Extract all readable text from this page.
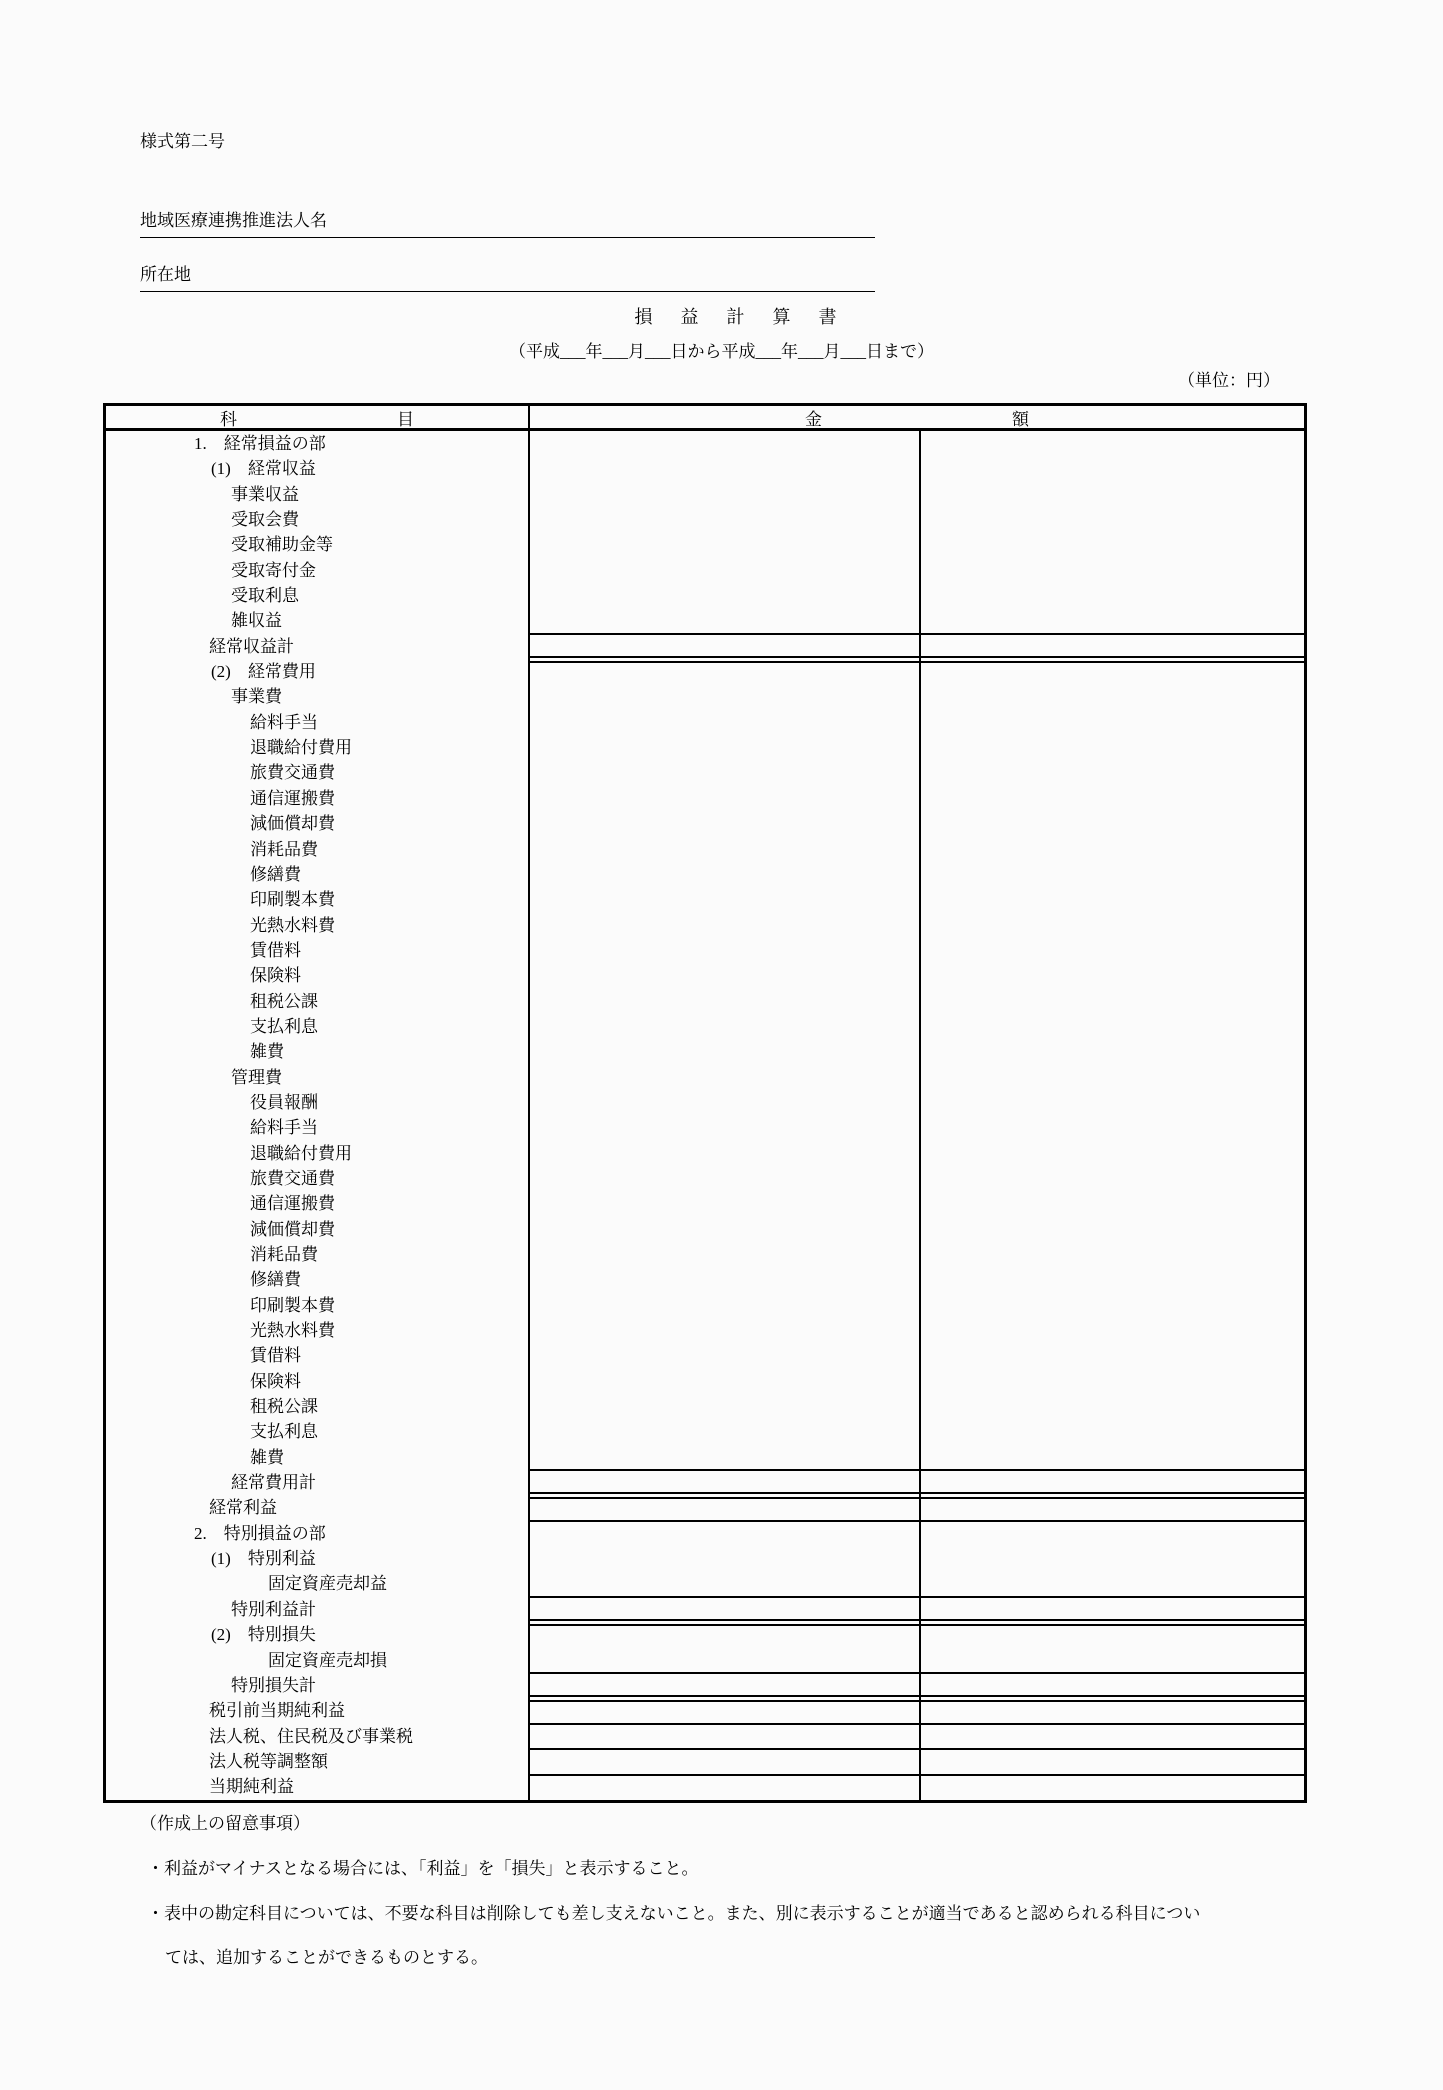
様式第二号
地域医療連携推進法人名
所在地
損益計算書
（平成___年___月___日から平成___年___月___日まで）
（単位：円）
科	目	金	額
1.　経常損益の部
(1)　経常収益
事業収益
受取会費
受取補助金等
受取寄付金
受取利息
雑収益
経常収益計
(2)　経常費用
事業費
給料手当
退職給付費用
旅費交通費
通信運搬費
減価償却費
消耗品費
修繕費
印刷製本費
光熱水料費
賃借料
保険料
租税公課
支払利息
雑費
管理費
役員報酬
給料手当
退職給付費用
旅費交通費
通信運搬費
減価償却費
消耗品費
修繕費
印刷製本費
光熱水料費
賃借料
保険料
租税公課
支払利息
雑費
経常費用計
経常利益
2.　特別損益の部
(1)　特別利益
固定資産売却益
特別利益計
(2)　特別損失
固定資産売却損
特別損失計
税引前当期純利益
法人税、住民税及び事業税
法人税等調整額
当期純利益
（作成上の留意事項）
・利益がマイナスとなる場合には、「利益」を「損失」と表示すること。
・表中の勘定科目については、不要な科目は削除しても差し支えないこと。また、別に表示することが適当であると認められる科目につい
ては、追加することができるものとする。
